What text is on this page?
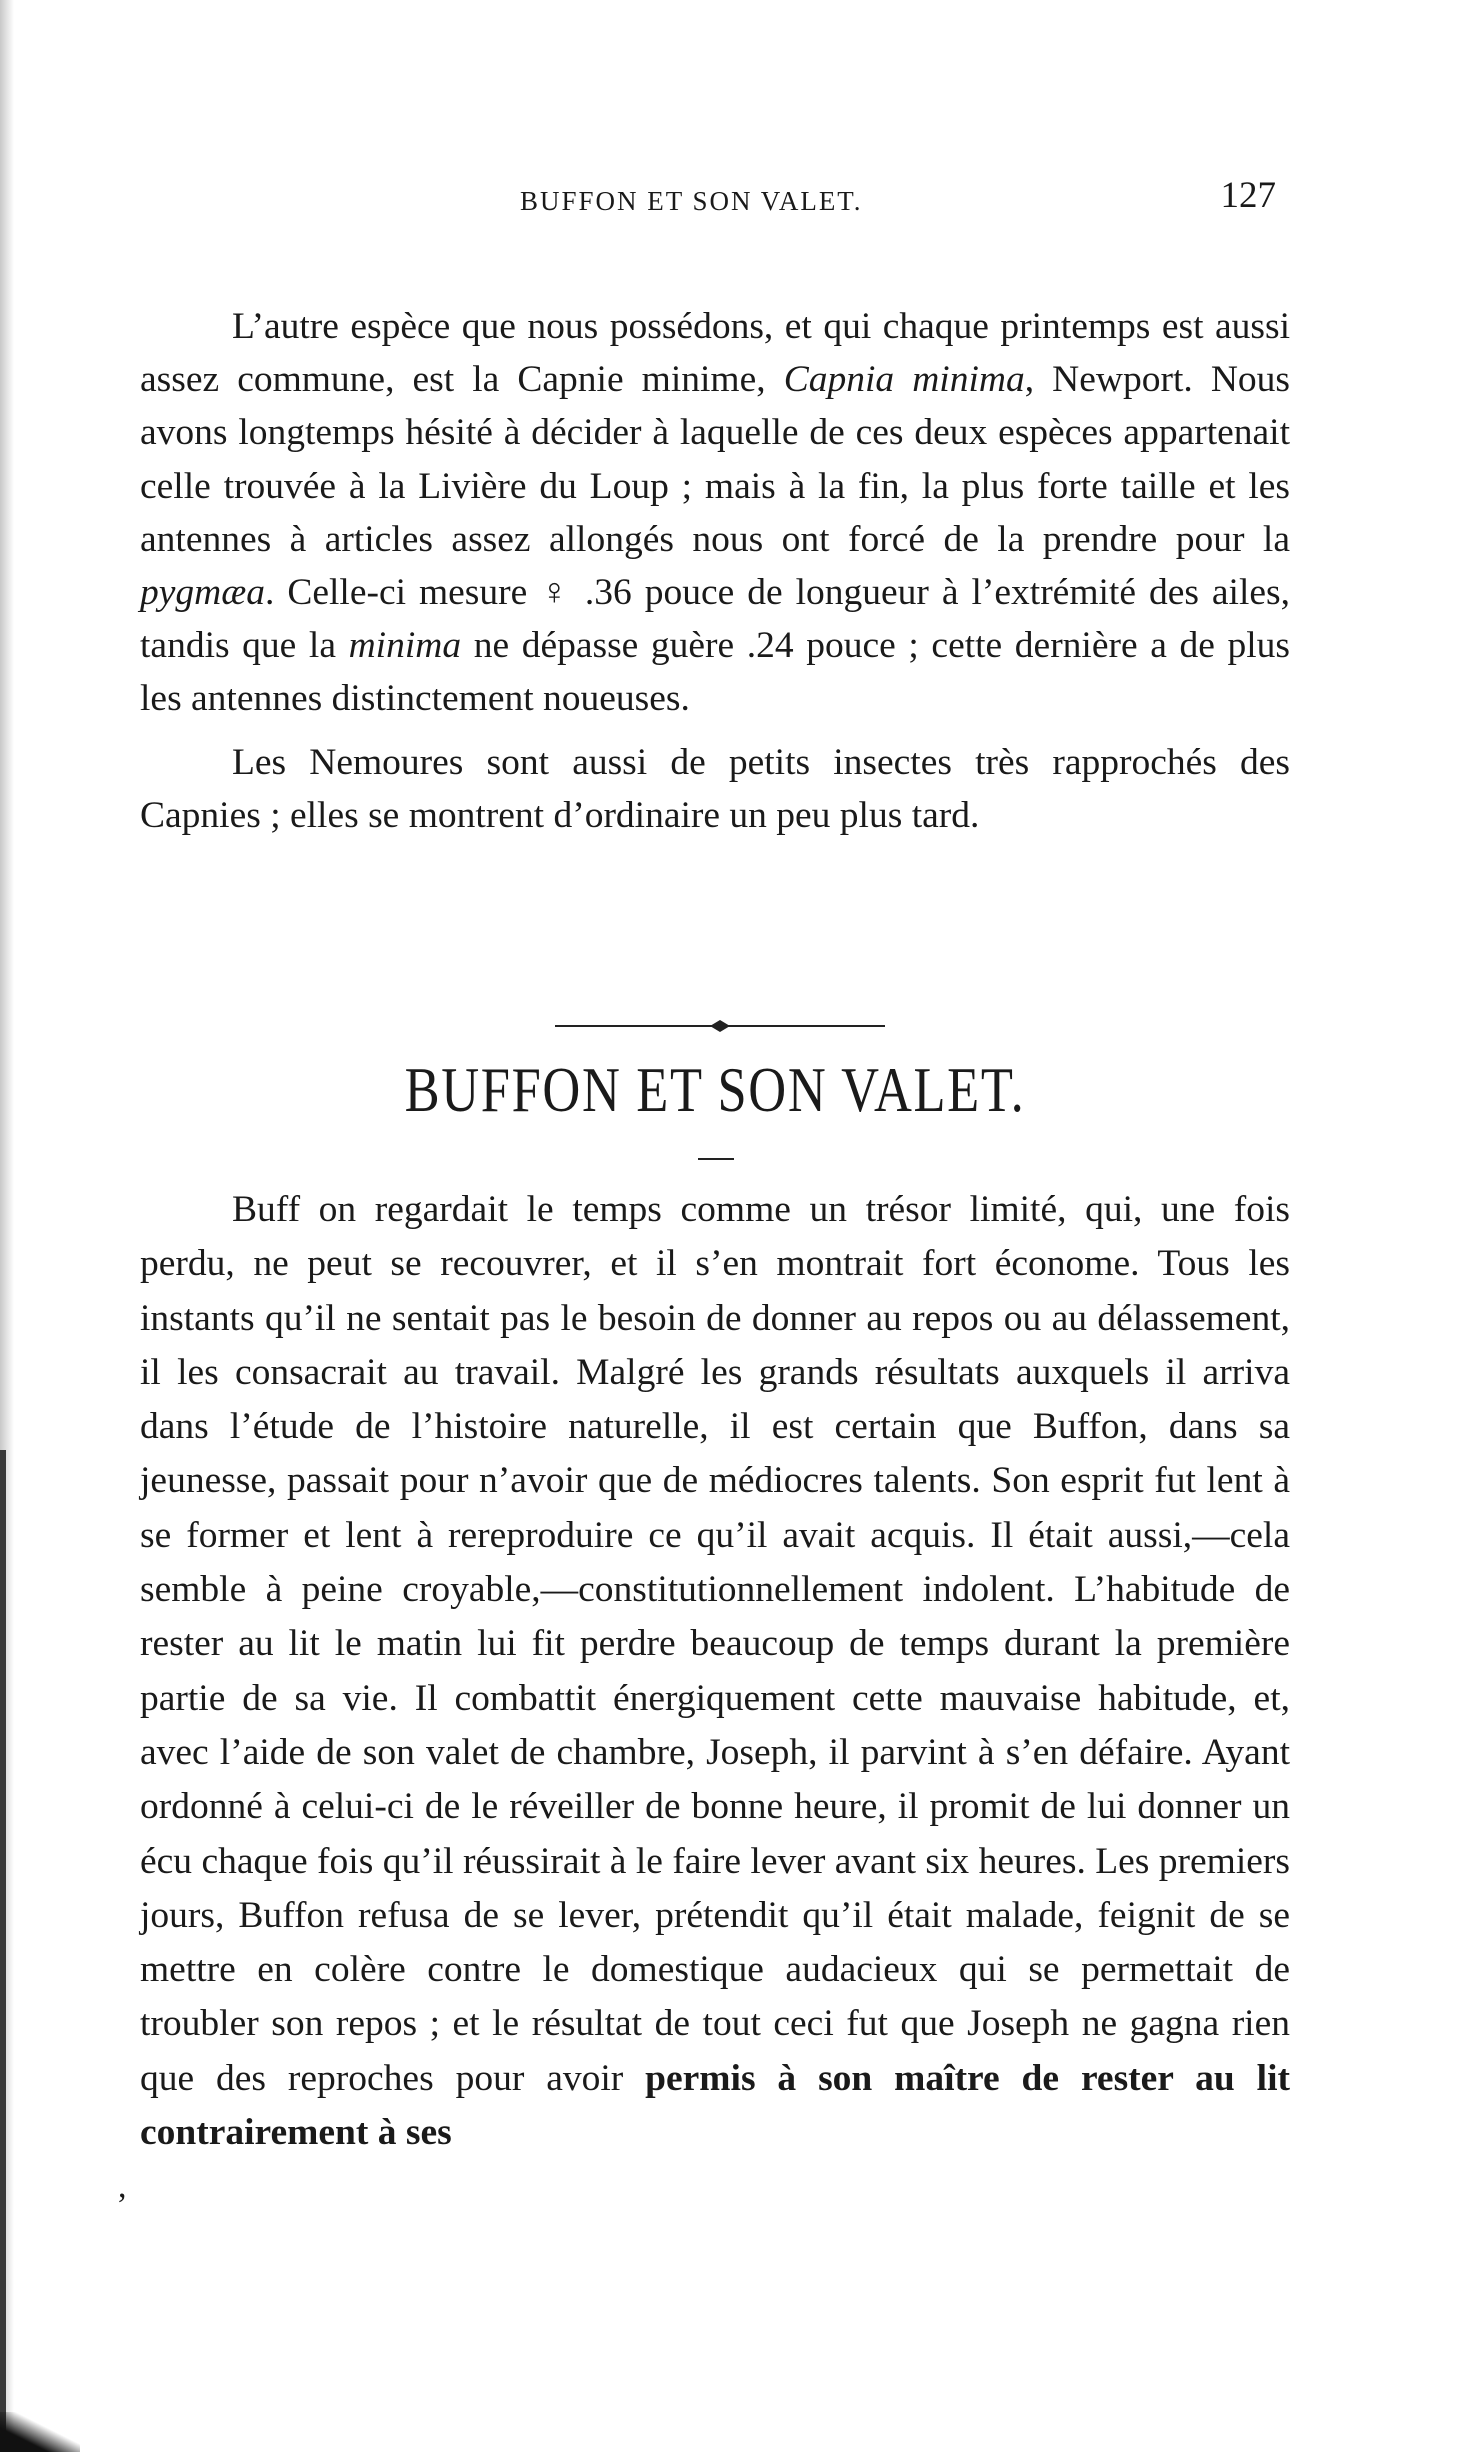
BUFFON ET SON VALET.	127

L’autre espèce que nous possédons, et qui chaque printemps est aussi assez commune, est la Capnie minime, Capnia minima, Newport. Nous avons longtemps hésité à décider à laquelle de ces deux espèces appartenait celle trouvée à la Livière du Loup ; mais à la fin, la plus forte taille et les antennes à articles assez allongés nous ont forcé de la prendre pour la pygmæa. Celle-ci mesure ♀ .36 pouce de longueur à l’extrémité des ailes, tandis que la minima ne dépasse guère .24 pouce ; cette dernière a de plus les antennes distinctement noueuses.

Les Nemoures sont aussi de petits insectes très rapprochés des Capnies ; elles se montrent d’ordinaire un peu plus tard.

BUFFON ET SON VALET.

Buff on regardait le temps comme un trésor limité, qui, une fois perdu, ne peut se recouvrer, et il s’en montrait fort économe. Tous les instants qu’il ne sentait pas le besoin de donner au repos ou au délassement, il les consacrait au travail. Malgré les grands résultats auxquels il arriva dans l’étude de l’histoire naturelle, il est certain que Buffon, dans sa jeunesse, passait pour n’avoir que de médiocres talents. Son esprit fut lent à se former et lent à rereproduire ce qu’il avait acquis. Il était aussi,—cela semble à peine croyable,—constitutionnellement indolent. L’habitude de rester au lit le matin lui fit perdre beaucoup de temps durant la première partie de sa vie. Il combattit énergiquement cette mauvaise habitude, et, avec l’aide de son valet de chambre, Joseph, il parvint à s’en défaire. Ayant ordonné à celui-ci de le réveiller de bonne heure, il promit de lui donner un écu chaque fois qu’il réussirait à le faire lever avant six heures. Les premiers jours, Buffon refusa de se lever, prétendit qu’il était malade, feignit de se mettre en colère contre le domestique audacieux qui se permettait de troubler son repos ; et le résultat de tout ceci fut que Joseph ne gagna rien que des reproches pour avoir permis à son maître de rester au lit contrairement à ses

,
